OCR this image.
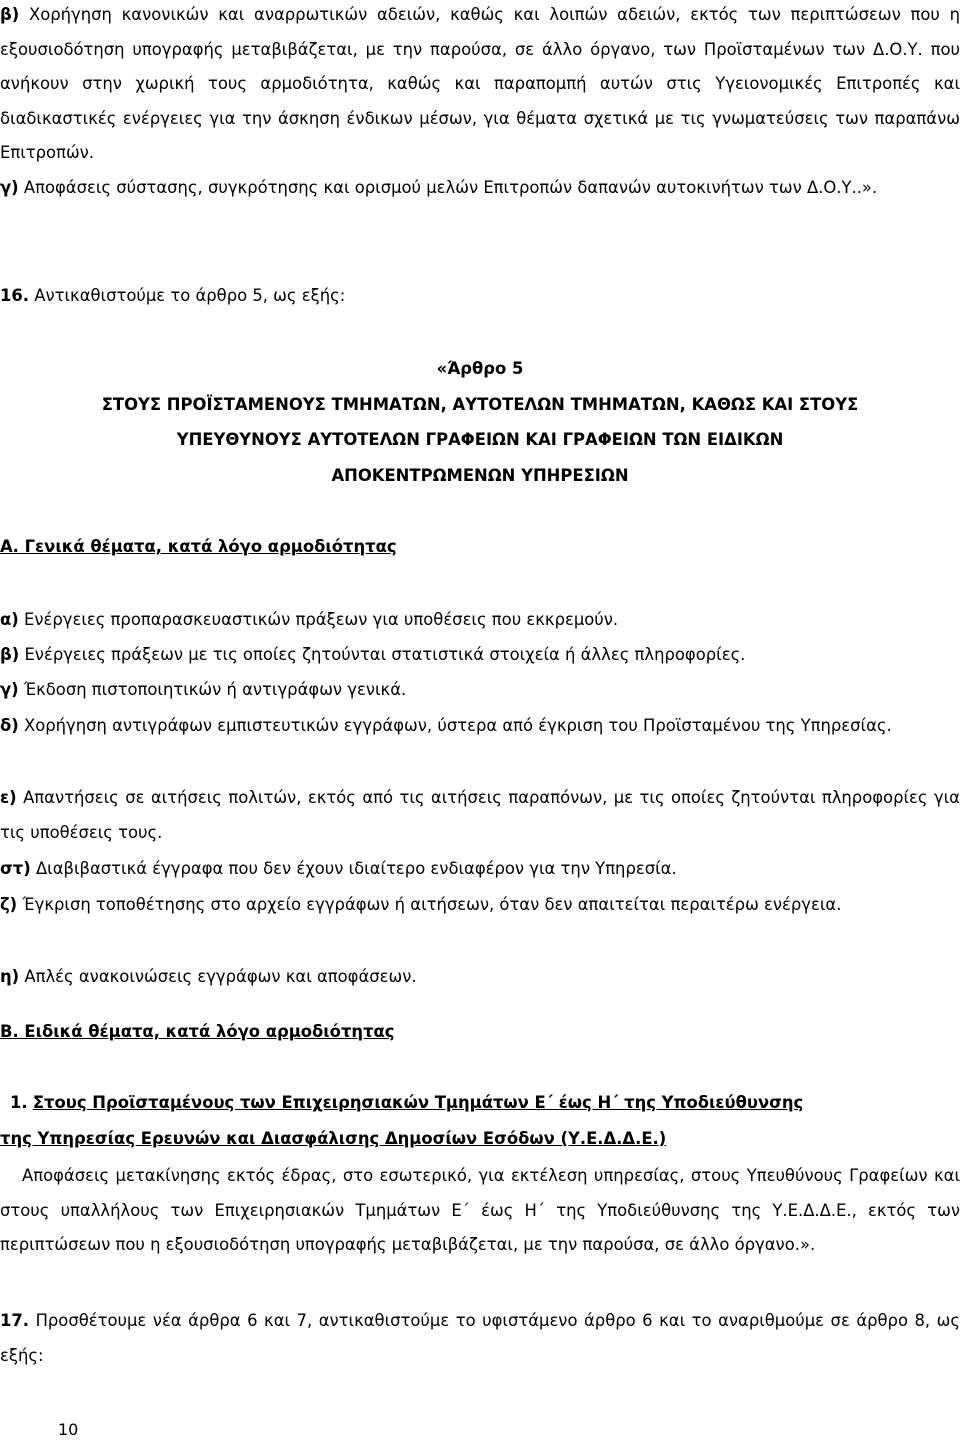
β) Χορήγηση κανονικών και αναρρωτικών αδειών, καθώς και λοιπών αδειών, εκτός των περιπτώσεων που η εξουσιοδότηση υπογραφής μεταβιβάζεται, με την παρούσα, σε άλλο όργανο, των Προϊσταμένων των Δ.Ο.Υ. που ανήκουν στην χωρική τους αρμοδιότητα, καθώς και παραπομπή αυτών στις Υγειονομικές Επιτροπές και διαδικαστικές ενέργειες για την άσκηση ένδικων μέσων, για θέματα σχετικά με τις γνωματεύσεις των παραπάνω Επιτροπών.
γ) Αποφάσεις σύστασης, συγκρότησης και ορισμού μελών Επιτροπών δαπανών αυτοκινήτων των Δ.Ο.Υ..».
16. Αντικαθιστούμε το άρθρο 5, ως εξής:
«Άρθρο 5
ΣΤΟΥΣ ΠΡΟΪΣΤΑΜΕΝΟΥΣ ΤΜΗΜΑΤΩΝ, ΑΥΤΟΤΕΛΩΝ ΤΜΗΜΑΤΩΝ, ΚΑΘΩΣ ΚΑΙ ΣΤΟΥΣ
ΥΠΕΥΘΥΝΟΥΣ ΑΥΤΟΤΕΛΩΝ ΓΡΑΦΕΙΩΝ ΚΑΙ ΓΡΑΦΕΙΩΝ ΤΩΝ ΕΙΔΙΚΩΝ
ΑΠΟΚΕΝΤΡΩΜΕΝΩΝ ΥΠΗΡΕΣΙΩΝ
Α. Γενικά θέματα, κατά λόγο αρμοδιότητας
α) Ενέργειες προπαρασκευαστικών πράξεων για υποθέσεις που εκκρεμούν.
β) Ενέργειες πράξεων με τις οποίες ζητούνται στατιστικά στοιχεία ή άλλες πληροφορίες.
γ) Έκδοση πιστοποιητικών ή αντιγράφων γενικά.
δ) Χορήγηση αντιγράφων εμπιστευτικών εγγράφων, ύστερα από έγκριση του Προϊσταμένου της Υπηρεσίας.
ε) Απαντήσεις σε αιτήσεις πολιτών, εκτός από τις αιτήσεις παραπόνων, με τις οποίες ζητούνται πληροφορίες για τις υποθέσεις τους.
στ) Διαβιβαστικά έγγραφα που δεν έχουν ιδιαίτερο ενδιαφέρον για την Υπηρεσία.
ζ) Έγκριση τοποθέτησης στο αρχείο εγγράφων ή αιτήσεων, όταν δεν απαιτείται περαιτέρω ενέργεια.
η) Απλές ανακοινώσεις εγγράφων και αποφάσεων.
Β. Ειδικά θέματα, κατά λόγο αρμοδιότητας
1. Στους Προϊσταμένους των Επιχειρησιακών Τμημάτων Ε΄ έως Η΄ της Υποδιεύθυνσης
της Υπηρεσίας Ερευνών και Διασφάλισης Δημοσίων Εσόδων (Υ.Ε.Δ.Δ.Ε.)
Αποφάσεις μετακίνησης εκτός έδρας, στο εσωτερικό, για εκτέλεση υπηρεσίας, στους Υπευθύνους Γραφείων και στους υπαλλήλους των Επιχειρησιακών Τμημάτων Ε΄ έως Η΄ της Υποδιεύθυνσης της Υ.Ε.Δ.Δ.Ε., εκτός των περιπτώσεων που η εξουσιοδότηση υπογραφής μεταβιβάζεται, με την παρούσα, σε άλλο όργανο.».
17. Προσθέτουμε νέα άρθρα 6 και 7, αντικαθιστούμε το υφιστάμενο άρθρο 6 και το αναριθμούμε σε άρθρο 8, ως εξής:
10
